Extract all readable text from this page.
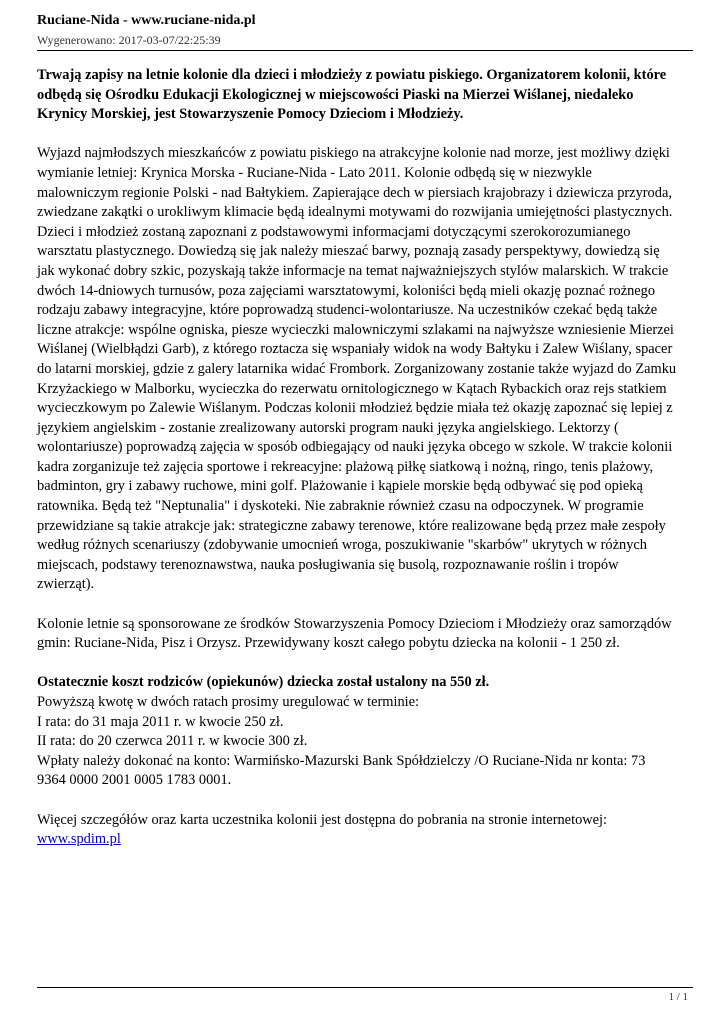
Ruciane-Nida - www.ruciane-nida.pl
Wygenerowano: 2017-03-07/22:25:39

Trwają zapisy na letnie kolonie dla dzieci i młodzieży z powiatu piskiego. Organizatorem kolonii, które odbędą się Ośrodku Edukacji Ekologicznej w miejscowości Piaski na Mierzei Wiślanej, niedaleko Krynicy Morskiej, jest Stowarzyszenie Pomocy Dzieciom i Młodzieży.

Wyjazd najmłodszych mieszkańców z powiatu piskiego na atrakcyjne kolonie nad morze, jest możliwy dzięki wymianie letniej: Krynica Morska - Ruciane-Nida - Lato 2011. Kolonie odbędą się w niezwykle malowniczym regionie Polski - nad Bałtykiem. Zapierające dech w piersiach krajobrazy i dziewicza przyroda, zwiedzane zakątki o urokliwym klimacie będą idealnymi motywami do rozwijania umiejętności plastycznych. Dzieci i młodzież zostaną zapoznani z podstawowymi informacjami dotyczącymi szerokorozumianego warsztatu plastycznego. Dowiedzą się jak należy mieszać barwy, poznają zasady perspektywy, dowiedzą się jak wykonać dobry szkic, pozyskają także informacje na temat najważniejszych stylów malarskich. W trakcie dwóch 14-dniowych turnusów, poza zajęciami warsztatowymi, koloniści będą mieli okazję poznać rożnego rodzaju zabawy integracyjne, które poprowadzą studenci-wolontariusze. Na uczestników czekać będą także liczne atrakcje: wspólne ogniska, piesze wycieczki malowniczymi szlakami na najwyższe wzniesienie Mierzei Wiślanej (Wielbłądzi Garb), z którego roztacza się wspaniały widok na wody Bałtyku i Zalew Wiślany, spacer do latarni morskiej, gdzie z galery latarnika widać Frombork. Zorganizowany zostanie także wyjazd do Zamku Krzyżackiego w Malborku, wycieczka do rezerwatu ornitologicznego w Kątach Rybackich oraz rejs statkiem wycieczkowym po Zalewie Wiślanym. Podczas kolonii młodzież będzie miała też okazję zapoznać się lepiej z językiem angielskim - zostanie zrealizowany autorski program nauki języka angielskiego. Lektorzy ( wolontariusze) poprowadzą zajęcia w sposób odbiegający od nauki języka obcego w szkole. W trakcie kolonii kadra zorganizuje też zajęcia sportowe i rekreacyjne: plażową piłkę siatkową i nożną, ringo, tenis plażowy, badminton, gry i zabawy ruchowe, mini golf. Plażowanie i kąpiele morskie będą odbywać się pod opieką ratownika. Będą też "Neptunalia" i dyskoteki. Nie zabraknie również czasu na odpoczynek. W programie przewidziane są takie atrakcje jak: strategiczne zabawy terenowe, które realizowane będą przez małe zespoły według różnych scenariuszy (zdobywanie umocnień wroga, poszukiwanie "skarbów" ukrytych w różnych miejscach, podstawy terenoznawstwa, nauka posługiwania się busolą, rozpoznawanie roślin i tropów zwierząt).

Kolonie letnie są sponsorowane ze środków Stowarzyszenia Pomocy Dzieciom i Młodzieży oraz samorządów gmin: Ruciane-Nida, Pisz i Orzysz. Przewidywany koszt całego pobytu dziecka na kolonii - 1 250 zł.

Ostatecznie koszt rodziców (opiekunów) dziecka został ustalony na 550 zł.
Powyższą kwotę w dwóch ratach prosimy uregulować w terminie:
I rata: do 31 maja 2011 r. w kwocie 250 zł.
II rata: do 20 czerwca 2011 r. w kwocie 300 zł.
Wpłaty należy dokonać na konto: Warmińsko-Mazurski Bank Spółdzielczy /O Ruciane-Nida nr konta: 73 9364 0000 2001 0005 1783 0001.

Więcej szczegółów oraz karta uczestnika kolonii jest dostępna do pobrania na stronie internetowej: www.spdim.pl

1 / 1
